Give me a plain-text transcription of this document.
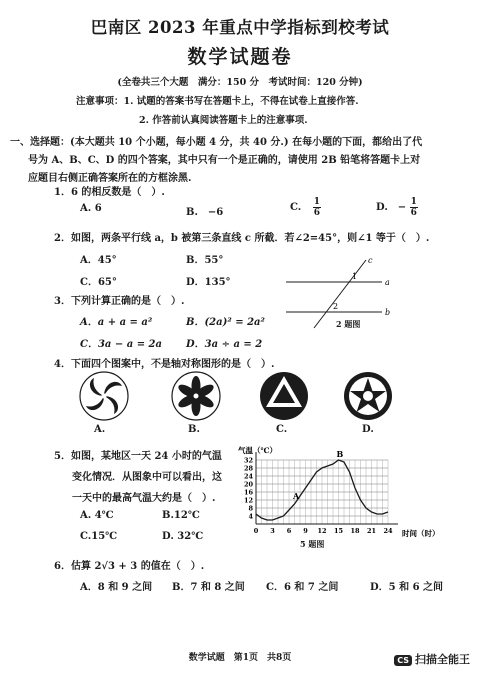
巴南区 2023 年重点中学指标到校考试
数学试题卷
(全卷共三个大题　满分：150 分　考试时间：120 分钟)
注意事项：1. 试题的答案书写在答题卡上，不得在试卷上直接作答.
2. 作答前认真阅读答题卡上的注意事项.
一、选择题：(本大题共 10 个小题，每小题 4 分，共 40 分.) 在每小题的下面，都给出了代
号为 A、B、C、D 的四个答案，其中只有一个是正确的，请使用 2B 铅笔将答题卡上对
应题目右侧正确答案所在的方框涂黑.
1．6 的相反数是（　）.
A. 6	B.　−6	C. $\frac{1}{6}$	D.　− $\frac{1}{6}$
2．如图，两条平行线 a，b 被第三条直线 c 所截．若∠2=45°，则∠1 等于（　）.
A．45°	B．55°
C．65°	D．135°	a
b
c
1
2
2 题图
3．下列计算正确的是（　）.
A．a + a = a²	B．(2a)² = 2a²
C．3a − a = 2a D．3a ÷ a = 2
4．下面四个图案中，不是轴对称图形的是（　）.
A.	B.	C.	D.
5．如图，某地区一天 24 小时的气温
变化情况．从图象中可以看出，这
一天中的最高气温大约是（　）.
A. 4℃	B.12℃
C.15℃	D. 32℃
32
28
24
20
16
12
8
4
0 3 6 9 12 15 18 21 24
气温（℃）
时间（时）
A
B
5 题图
6．估算 2√3 + 3 的值在（　）.
A．8 和 9 之间 B．7 和 8 之间 C．6 和 7 之间	D．5 和 6 之间
数学试题　第1页　共8页	CS 扫描全能王
